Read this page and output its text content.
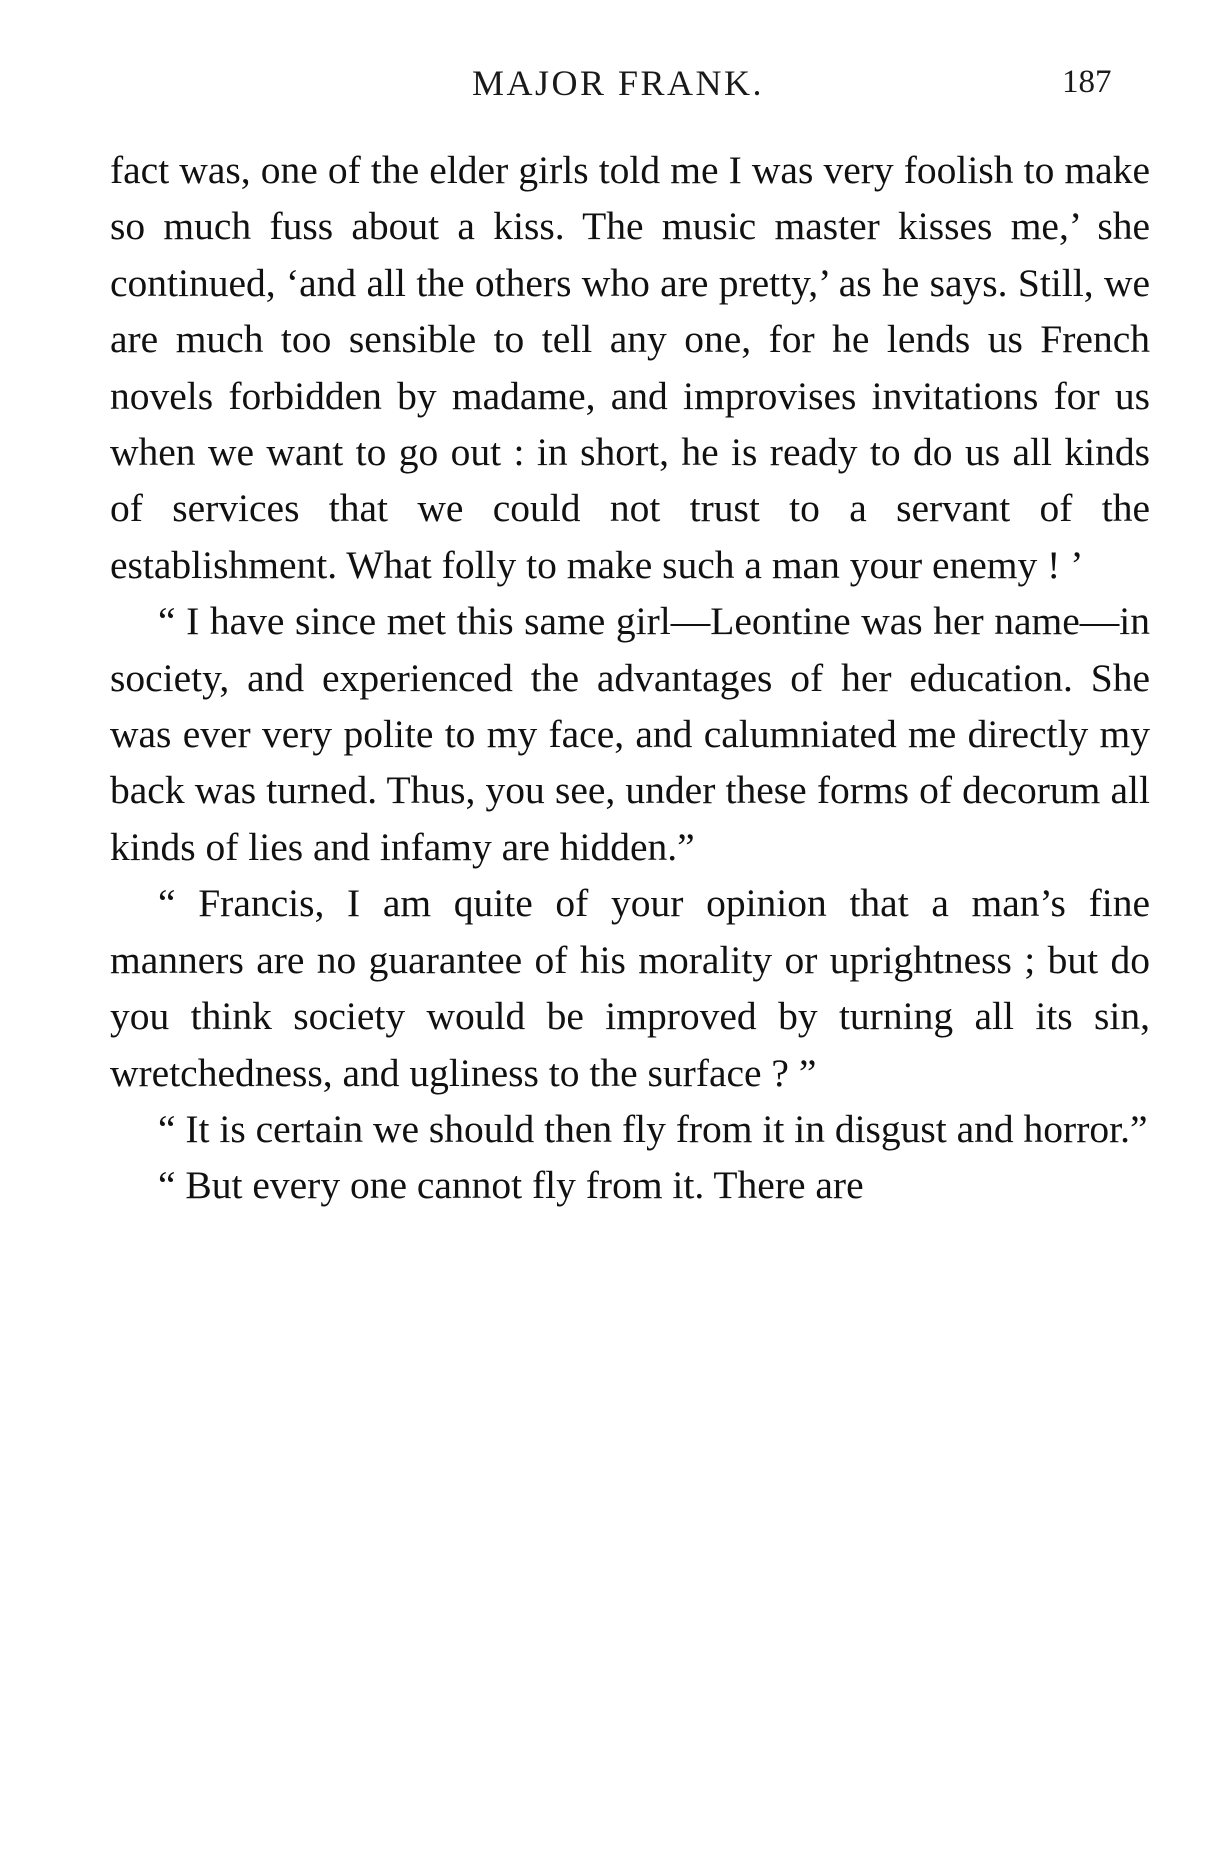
MAJOR FRANK.	187

fact was, one of the elder girls told me I was very foolish to make so much fuss about a kiss. The music master kisses me,’ she continued, ‘and all the others who are pretty,’ as he says. Still, we are much too sensible to tell any one, for he lends us French novels forbidden by madame, and improvises invitations for us when we want to go out : in short, he is ready to do us all kinds of services that we could not trust to a servant of the establishment. What folly to make such a man your enemy ! ’

“ I have since met this same girl—Leontine was her name—in society, and experienced the advantages of her education. She was ever very polite to my face, and calumniated me directly my back was turned. Thus, you see, under these forms of decorum all kinds of lies and infamy are hidden.”

“ Francis, I am quite of your opinion that a man’s fine manners are no guarantee of his morality or uprightness ; but do you think society would be improved by turning all its sin, wretchedness, and ugliness to the surface ? ”

“ It is certain we should then fly from it in disgust and horror.”

“ But every one cannot fly from it. There are
